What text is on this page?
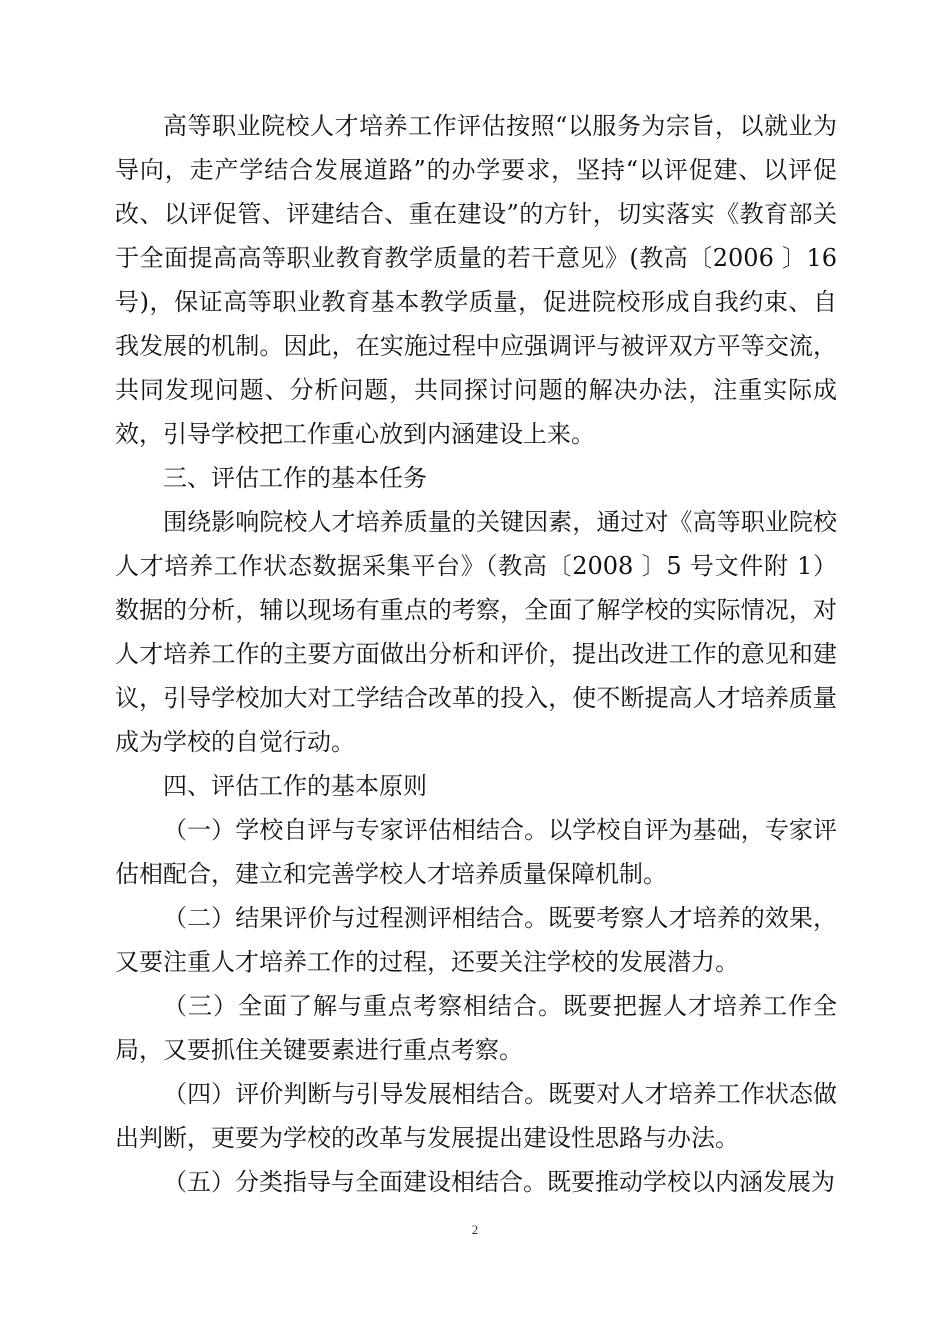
高等职业院校人才培养工作评估按照“以服务为宗旨，以就业为导向，走产学结合发展道路”的办学要求，坚持“以评促建、以评促改、以评促管、评建结合、重在建设”的方针，切实落实《教育部关于全面提高高等职业教育教学质量的若干意见》(教高〔2006 〕16 号)，保证高等职业教育基本教学质量，促进院校形成自我约束、自我发展的机制。因此，在实施过程中应强调评与被评双方平等交流，共同发现问题、分析问题，共同探讨问题的解决办法，注重实际成效，引导学校把工作重心放到内涵建设上来。

三、评估工作的基本任务

围绕影响院校人才培养质量的关键因素，通过对《高等职业院校人才培养工作状态数据采集平台》（教高〔2008 〕5 号文件附 1）数据的分析，辅以现场有重点的考察，全面了解学校的实际情况，对人才培养工作的主要方面做出分析和评价，提出改进工作的意见和建议，引导学校加大对工学结合改革的投入，使不断提高人才培养质量成为学校的自觉行动。

四、评估工作的基本原则

（一）学校自评与专家评估相结合。以学校自评为基础，专家评估相配合，建立和完善学校人才培养质量保障机制。

（二）结果评价与过程测评相结合。既要考察人才培养的效果，又要注重人才培养工作的过程，还要关注学校的发展潜力。

（三）全面了解与重点考察相结合。既要把握人才培养工作全局，又要抓住关键要素进行重点考察。

（四）评价判断与引导发展相结合。既要对人才培养工作状态做出判断，更要为学校的改革与发展提出建设性思路与办法。

（五）分类指导与全面建设相结合。既要推动学校以内涵发展为

2
